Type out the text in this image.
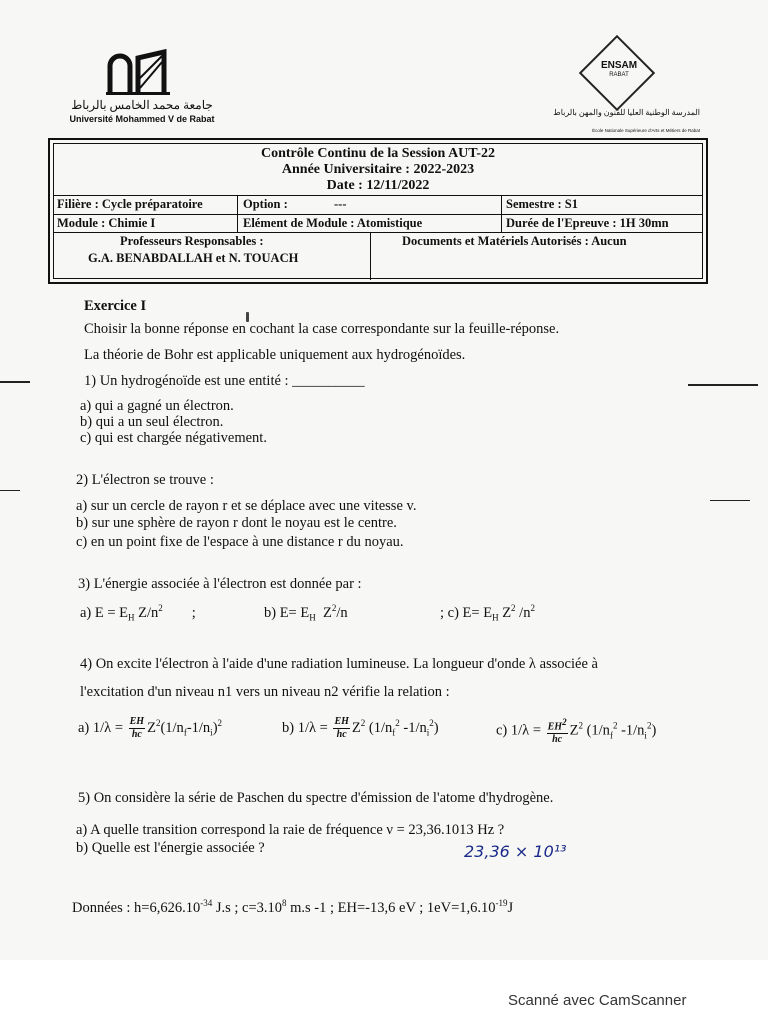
جامعة محمد الخامس بالرباط
Université Mohammed V de Rabat
ENSAM
RABAT
المدرسة الوطنية العليا للفنون والمهن بالرباط
École Nationale Supérieure d'Arts et Métiers de Rabat
Contrôle Continu de la Session AUT-22
Année Universitaire : 2022-2023
Date : 12/11/2022
Filière : Cycle préparatoire	Option :	---	Semestre : S1
Module : Chimie I	Elément de Module : Atomistique	Durée de l'Epreuve : 1H 30mn
Professeurs Responsables :
G.A. BENABDALLAH et N. TOUACH
Documents et Matériels Autorisés : Aucun
Exercice I
Choisir la bonne réponse en cochant la case correspondante sur la feuille-réponse.
La théorie de Bohr est applicable uniquement aux hydrogénoïdes.
1) Un hydrogénoïde est une entité : __________
a) qui a gagné un électron.
b) qui a un seul électron.
c) qui est chargée négativement.
2) L'électron se trouve :
a) sur un cercle de rayon r et se déplace avec une vitesse v.
b) sur une sphère de rayon r dont le noyau est le centre.
c) en un point fixe de l'espace à une distance r du noyau.
3) L'énergie associée à l'électron est donnée par :
a) $E = E_H$ $Z/n^2$        ;	b) $E= E_H$  $Z^2/n$	; c) $E= E_H$ $Z^2$ $/n^2$
4) On excite l'électron à l'aide d'une radiation lumineuse. La longueur d'onde λ associée à
l'excitation d'un niveau n1 vers un niveau n2 vérifie la relation :
a) $1/\lambda = \frac{EH}{hc} Z^2(1/n_f-1/n_i)^2$	b) $1/\lambda = \frac{EH}{hc} Z^2$ ($1/n_f^2$ $-1/n_i^2$)	c) $1/\lambda = \frac{EH^2}{hc} Z^2$ ($1/n_f^2$ $-1/n_i^2$)
5) On considère la série de Paschen du spectre d'émission de l'atome d'hydrogène.
a) A quelle transition correspond la raie de fréquence ν = 23,36.1013 Hz ?
b) Quelle est l'énergie associée ?	23,36 × 10¹³
Données : $h=6,626.10^{-34}$ J.s ; $c=3.10^8$ m.s -1 ; EH=-13,6 eV ; $1eV=1,6.10^{-19}J$
Scanné avec CamScanner
